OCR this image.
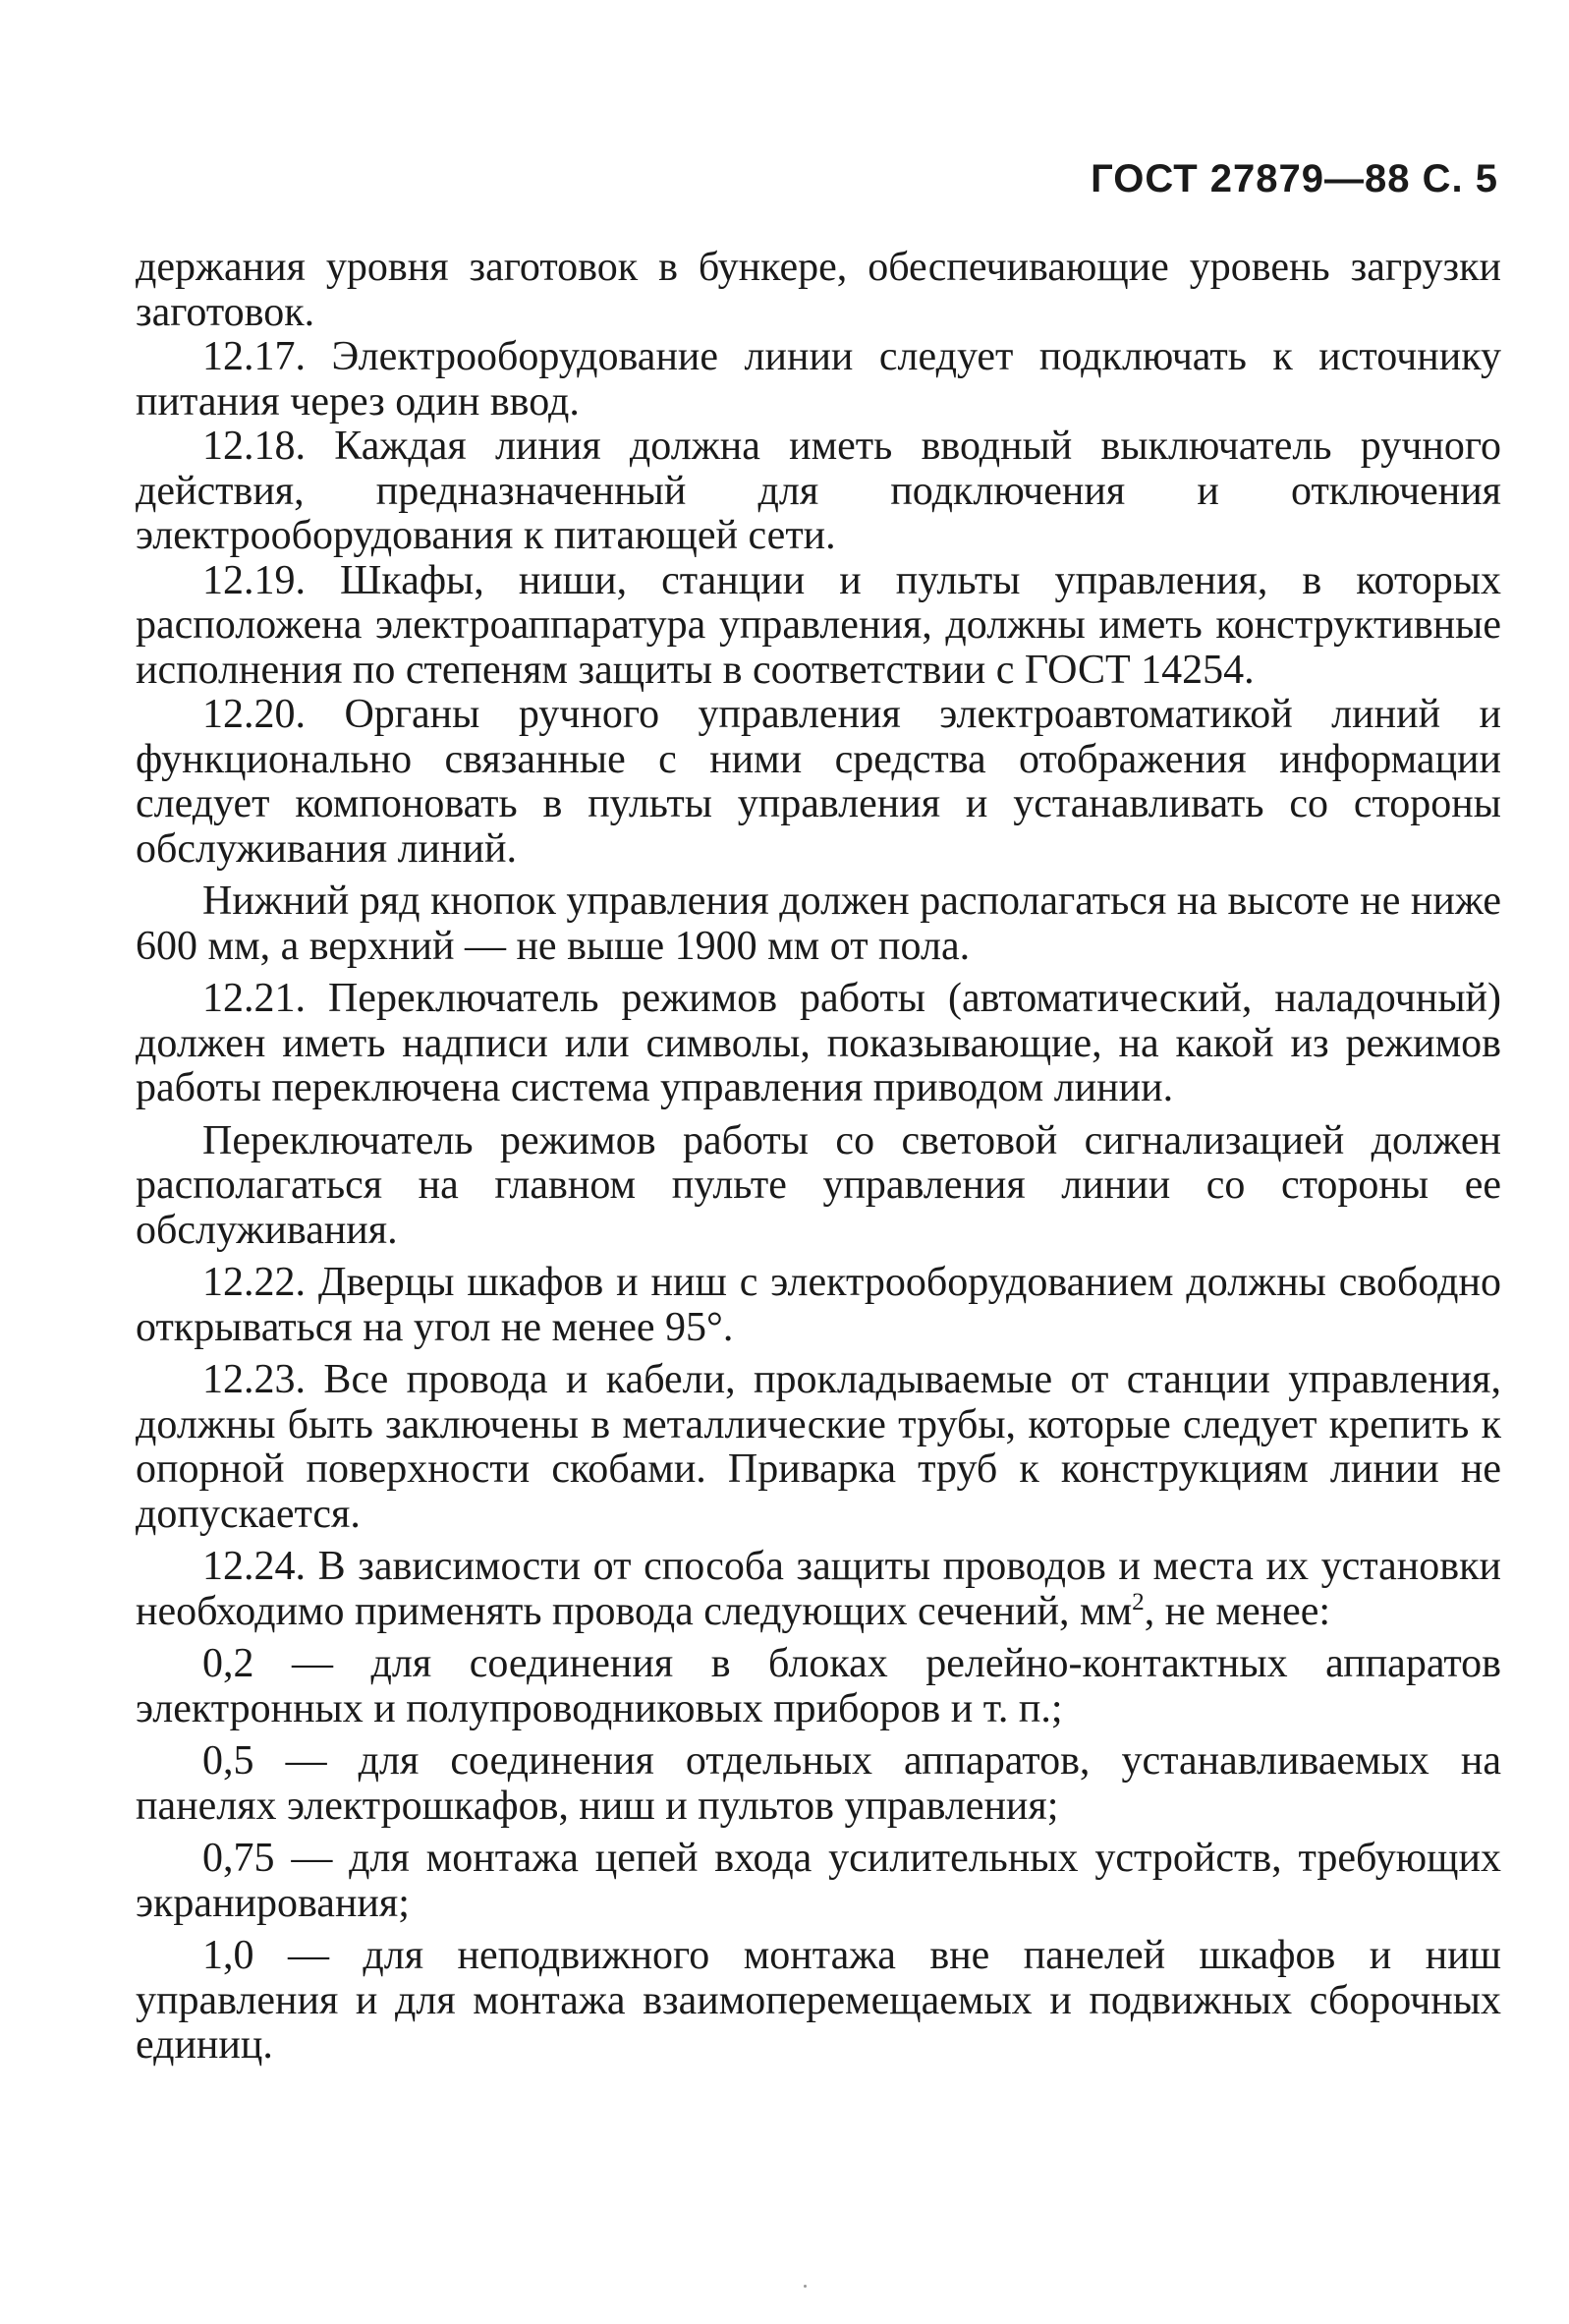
ГОСТ 27879—88 С. 5

держания уровня заготовок в бункере, обеспечивающие уровень загрузки заготовок.

12.17. Электрооборудование линии следует подключать к источнику питания через один ввод.

12.18. Каждая линия должна иметь вводный выключатель ручного действия, предназначенный для подключения и отключения электрооборудования к питающей сети.

12.19. Шкафы, ниши, станции и пульты управления, в которых расположена электроаппаратура управления, должны иметь конструктивные исполнения по степеням защиты в соответствии с ГОСТ 14254.

12.20. Органы ручного управления электроавтоматикой линий и функционально связанные с ними средства отображения информации следует компоновать в пульты управления и устанавливать со стороны обслуживания линий.

Нижний ряд кнопок управления должен располагаться на высоте не ниже 600 мм, а верхний — не выше 1900 мм от пола.

12.21. Переключатель режимов работы (автоматический, наладочный) должен иметь надписи или символы, показывающие, на какой из режимов работы переключена система управления приводом линии.

Переключатель режимов работы со световой сигнализацией должен располагаться на главном пульте управления линии со стороны ее обслуживания.

12.22. Дверцы шкафов и ниш с электрооборудованием должны свободно открываться на угол не менее 95°.

12.23. Все провода и кабели, прокладываемые от станции управления, должны быть заключены в металлические трубы, которые следует крепить к опорной поверхности скобами. Приварка труб к конструкциям линии не допускается.

12.24. В зависимости от способа защиты проводов и места их установки необходимо применять провода следующих сечений, $мм^2$, не менее:

0,2 — для соединения в блоках релейно-контактных аппаратов электронных и полупроводниковых приборов и т. п.;

0,5 — для соединения отдельных аппаратов, устанавливаемых на панелях электрошкафов, ниш и пультов управления;

0,75 — для монтажа цепей входа усилительных устройств, требующих экранирования;

1,0 — для неподвижного монтажа вне панелей шкафов и ниш управления и для монтажа взаимоперемещаемых и подвижных сборочных единиц.
